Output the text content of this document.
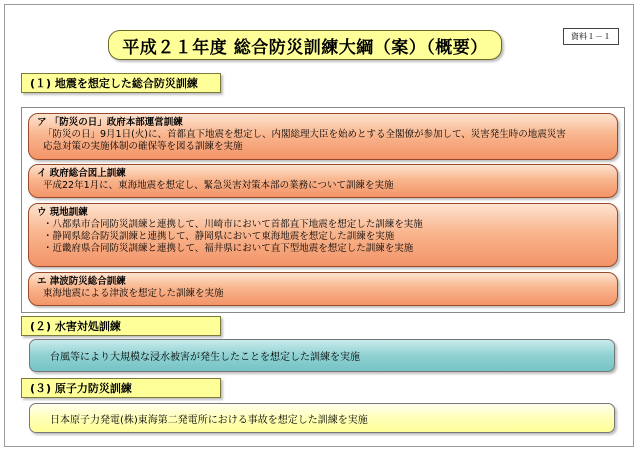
平成２１年度 総合防災訓練大綱（案）（概要）
資料１－１
(１) 地震を想定した総合防災訓練
ア 「防災の日」政府本部運営訓練
「防災の日」9月1日(火)に、首都直下地震を想定し、内閣総理大臣を始めとする全閣僚が参加して、災害発生時の地震災害
応急対策の実施体制の確保等を図る訓練を実施
イ 政府総合図上訓練
平成22年1月に、東海地震を想定し、緊急災害対策本部の業務について訓練を実施
ウ 現地訓練
・八都県市合同防災訓練と連携して、川崎市において首都直下地震を想定した訓練を実施
・静岡県総合防災訓練と連携して、静岡県において東海地震を想定した訓練を実施
・近畿府県合同防災訓練と連携して、福井県において直下型地震を想定した訓練を実施
エ 津波防災総合訓練
東海地震による津波を想定した訓練を実施
(２) 水害対処訓練
台風等により大規模な浸水被害が発生したことを想定した訓練を実施
(３) 原子力防災訓練
日本原子力発電(株)東海第二発電所における事故を想定した訓練を実施
